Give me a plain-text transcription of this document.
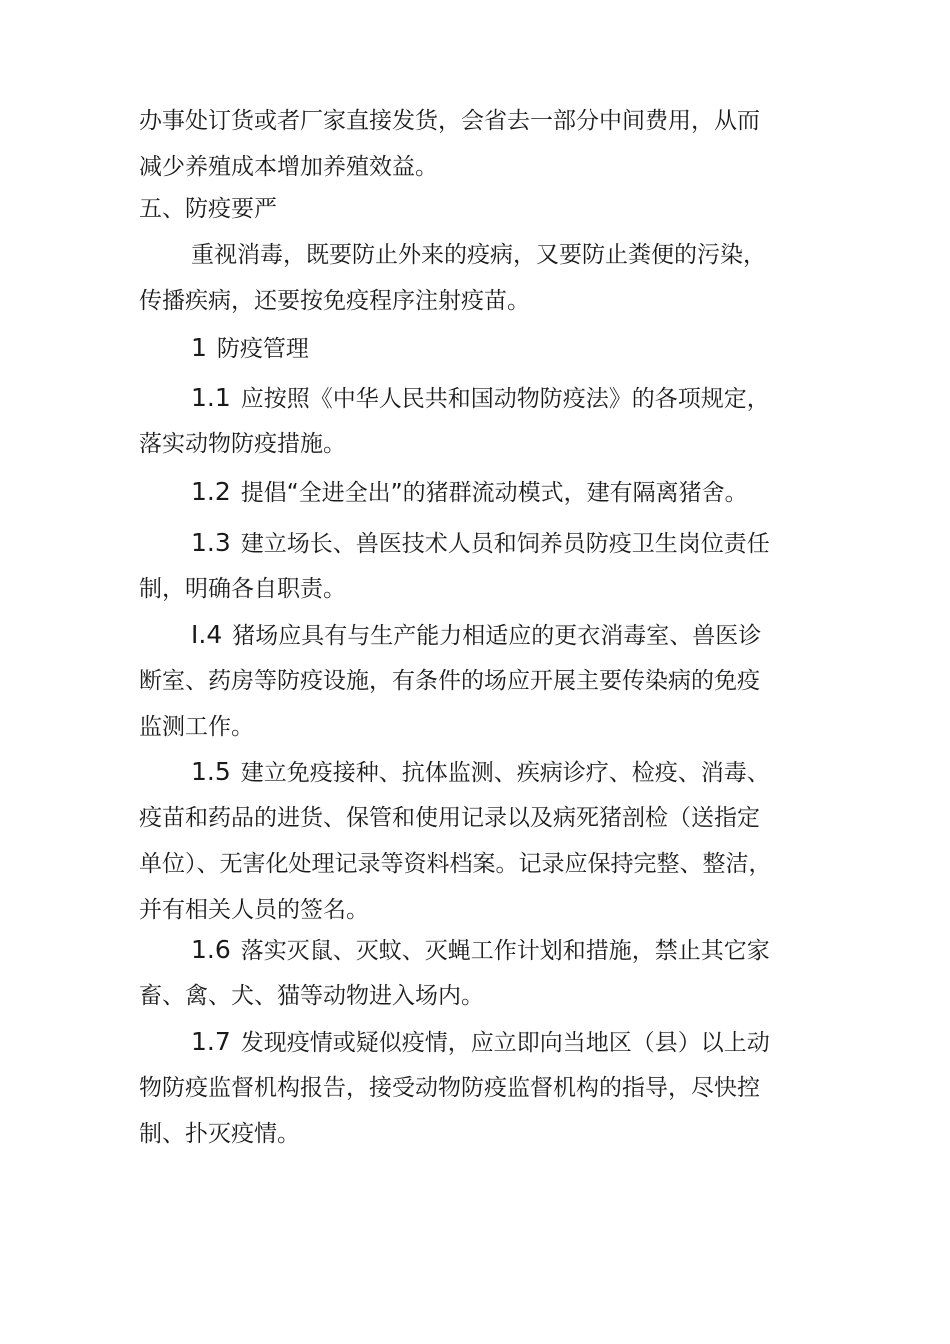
办事处订货或者厂家直接发货，会省去一部分中间费用，从而
减少养殖成本增加养殖效益。
五、防疫要严
重视消毒，既要防止外来的疫病，又要防止粪便的污染，
传播疾病，还要按免疫程序注射疫苗。
1 防疫管理
1.1 应按照《中华人民共和国动物防疫法》的各项规定，
落实动物防疫措施。
1.2 提倡“全进全出”的猪群流动模式，建有隔离猪舍。
1.3 建立场长、兽医技术人员和饲养员防疫卫生岗位责任
制，明确各自职责。
I.4 猪场应具有与生产能力相适应的更衣消毒室、兽医诊
断室、药房等防疫设施，有条件的场应开展主要传染病的免疫
监测工作。
1.5 建立免疫接种、抗体监测、疾病诊疗、检疫、消毒、
疫苗和药品的进货、保管和使用记录以及病死猪剖检（送指定
单位）、无害化处理记录等资料档案。记录应保持完整、整洁，
并有相关人员的签名。
1.6 落实灭鼠、灭蚊、灭蝇工作计划和措施，禁止其它家
畜、禽、犬、猫等动物进入场内。
1.7 发现疫情或疑似疫情，应立即向当地区（县）以上动
物防疫监督机构报告，接受动物防疫监督机构的指导，尽快控
制、扑灭疫情。
